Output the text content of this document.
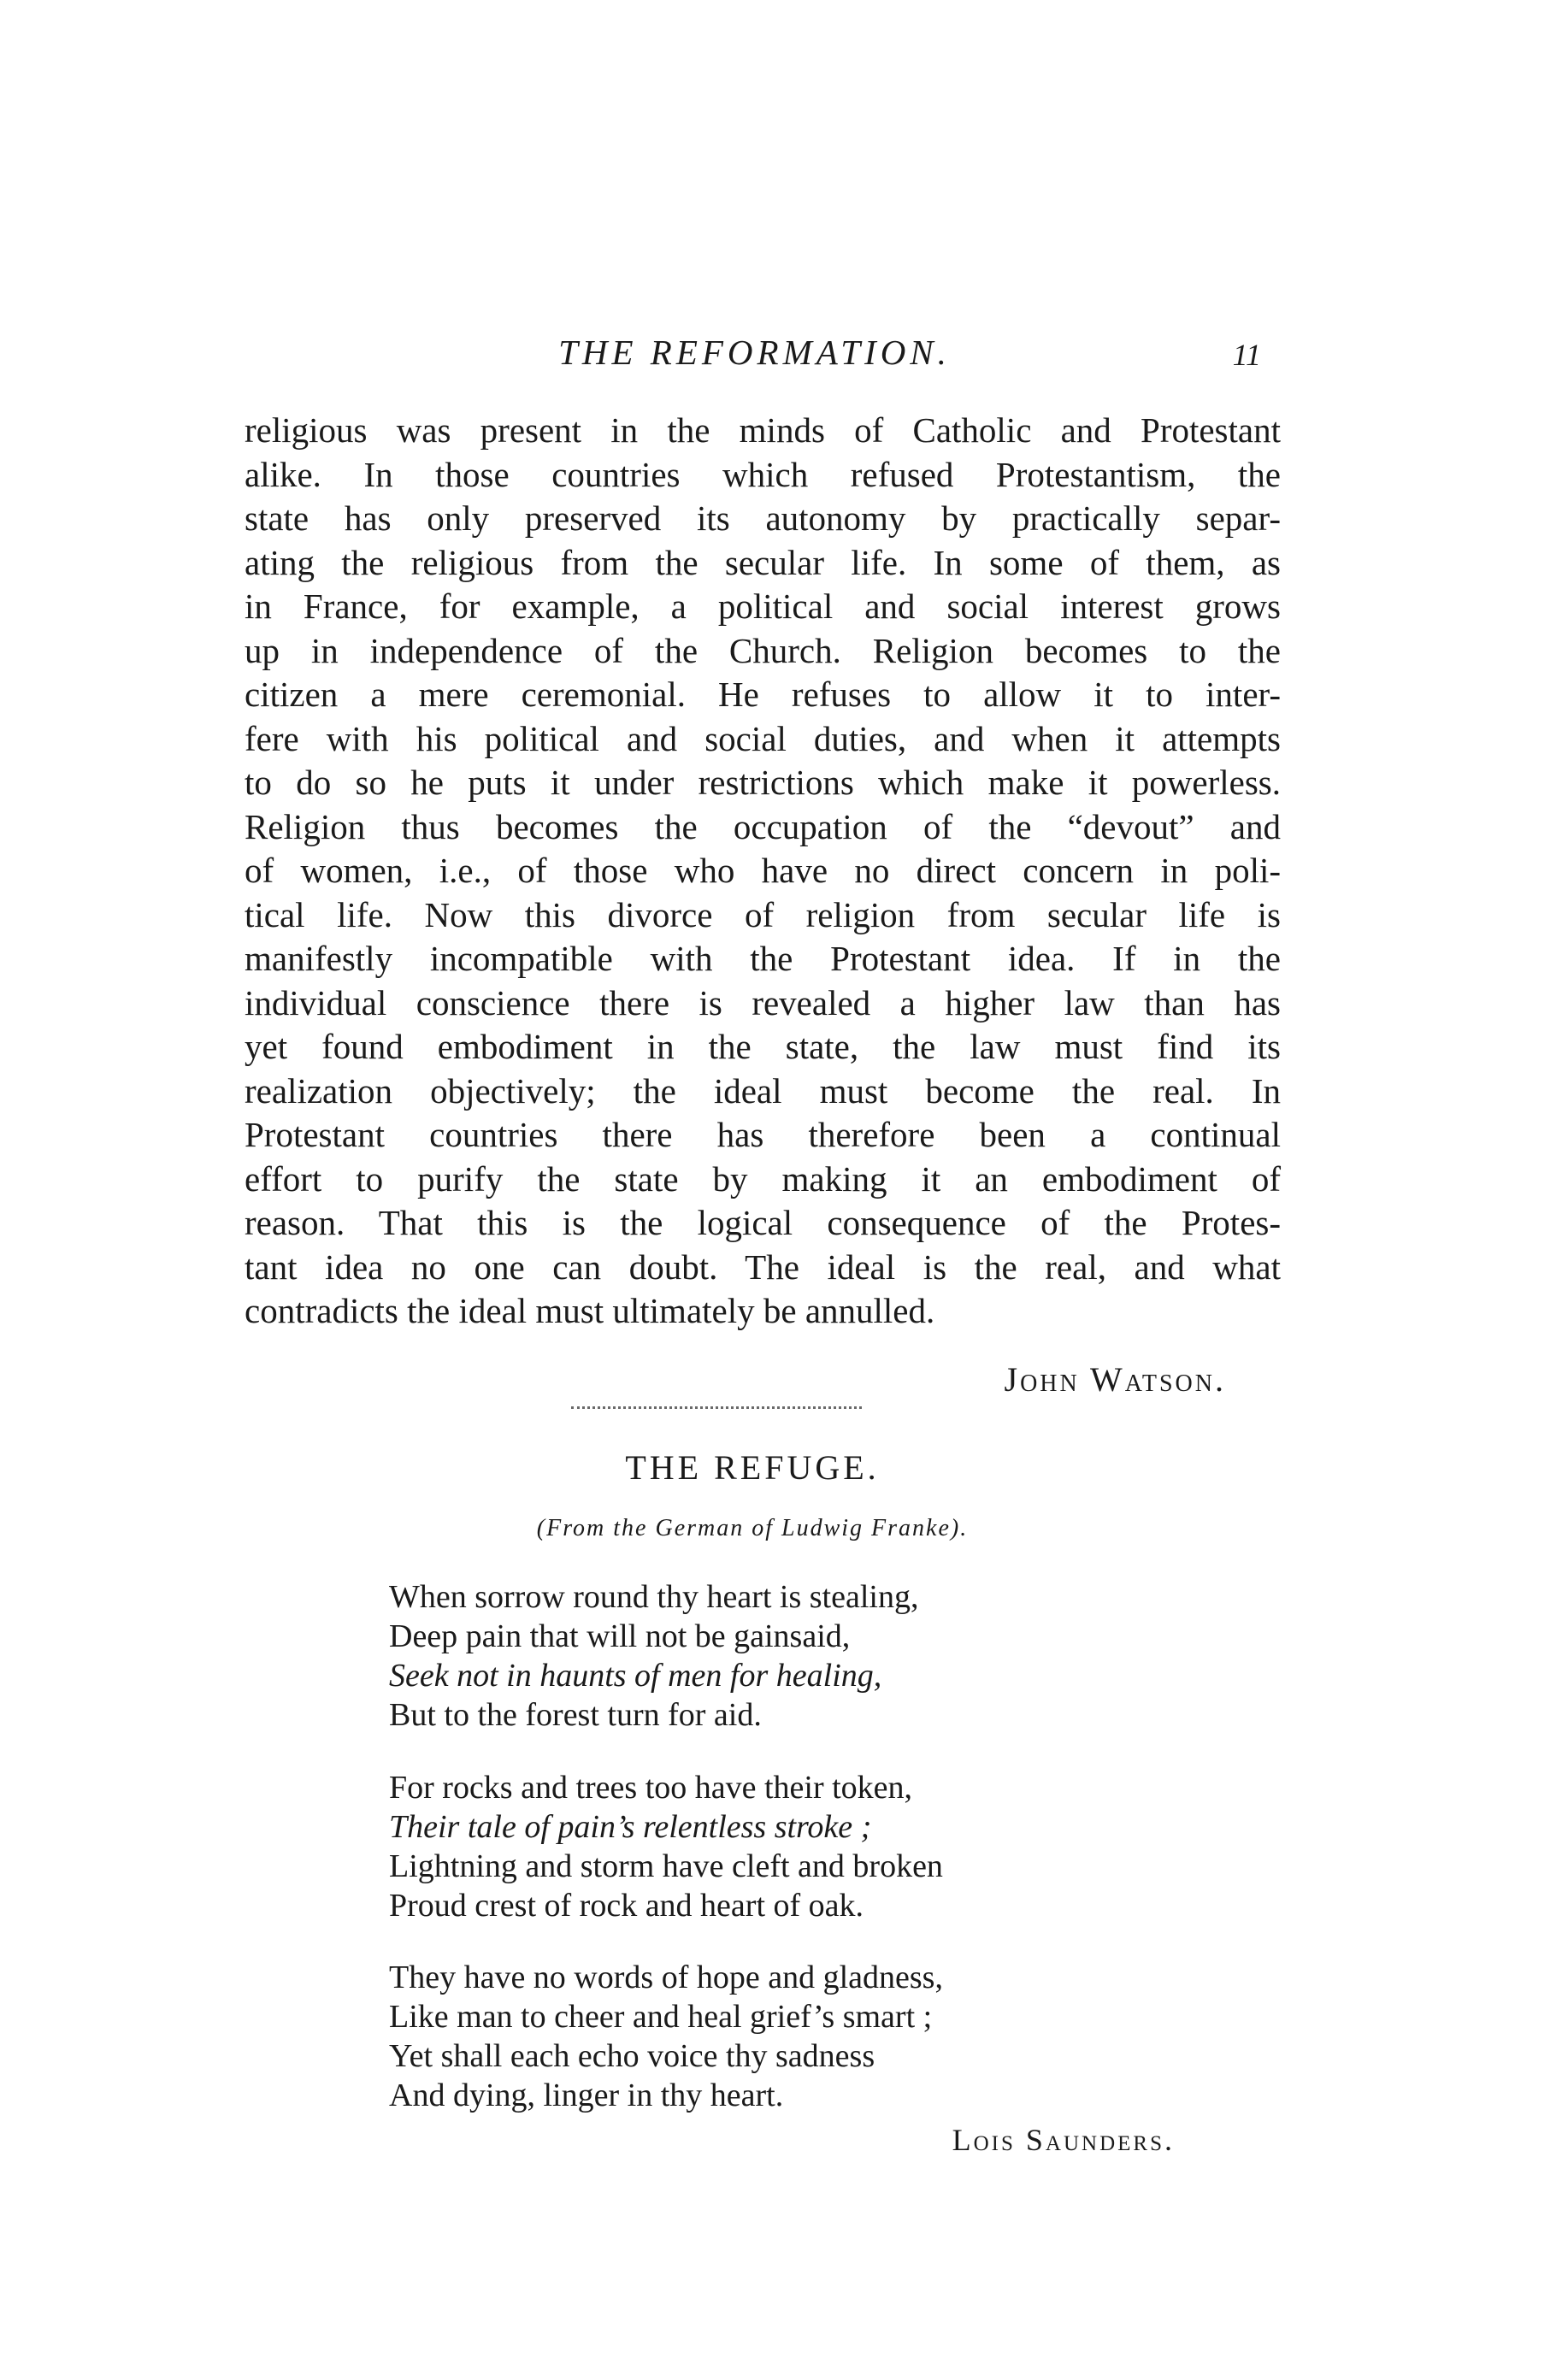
THE REFORMATION.	11
religious was present in the minds of Catholic and Protestant
alike. In those countries which refused Protestantism, the
state has only preserved its autonomy by practically separ-
ating the religious from the secular life. In some of them, as
in France, for example, a political and social interest grows
up in independence of the Church. Religion becomes to the
citizen a mere ceremonial. He refuses to allow it to inter-
fere with his political and social duties, and when it attempts
to do so he puts it under restrictions which make it powerless.
Religion thus becomes the occupation of the “devout” and
of women, i.e., of those who have no direct concern in poli-
tical life. Now this divorce of religion from secular life is
manifestly incompatible with the Protestant idea. If in the
individual conscience there is revealed a higher law than has
yet found embodiment in the state, the law must find its
realization objectively; the ideal must become the real. In
Protestant countries there has therefore been a continual
effort to purify the state by making it an embodiment of
reason. That this is the logical consequence of the Protes-
tant idea no one can doubt. The ideal is the real, and what
contradicts the ideal must ultimately be annulled.
John Watson.
THE REFUGE.
(From the German of Ludwig Franke).
When sorrow round thy heart is stealing,
Deep pain that will not be gainsaid,
Seek not in haunts of men for healing,
But to the forest turn for aid.
For rocks and trees too have their token,
Their tale of pain’s relentless stroke ;
Lightning and storm have cleft and broken
Proud crest of rock and heart of oak.
They have no words of hope and gladness,
Like man to cheer and heal grief’s smart ;
Yet shall each echo voice thy sadness
And dying, linger in thy heart.
Lois Saunders.
